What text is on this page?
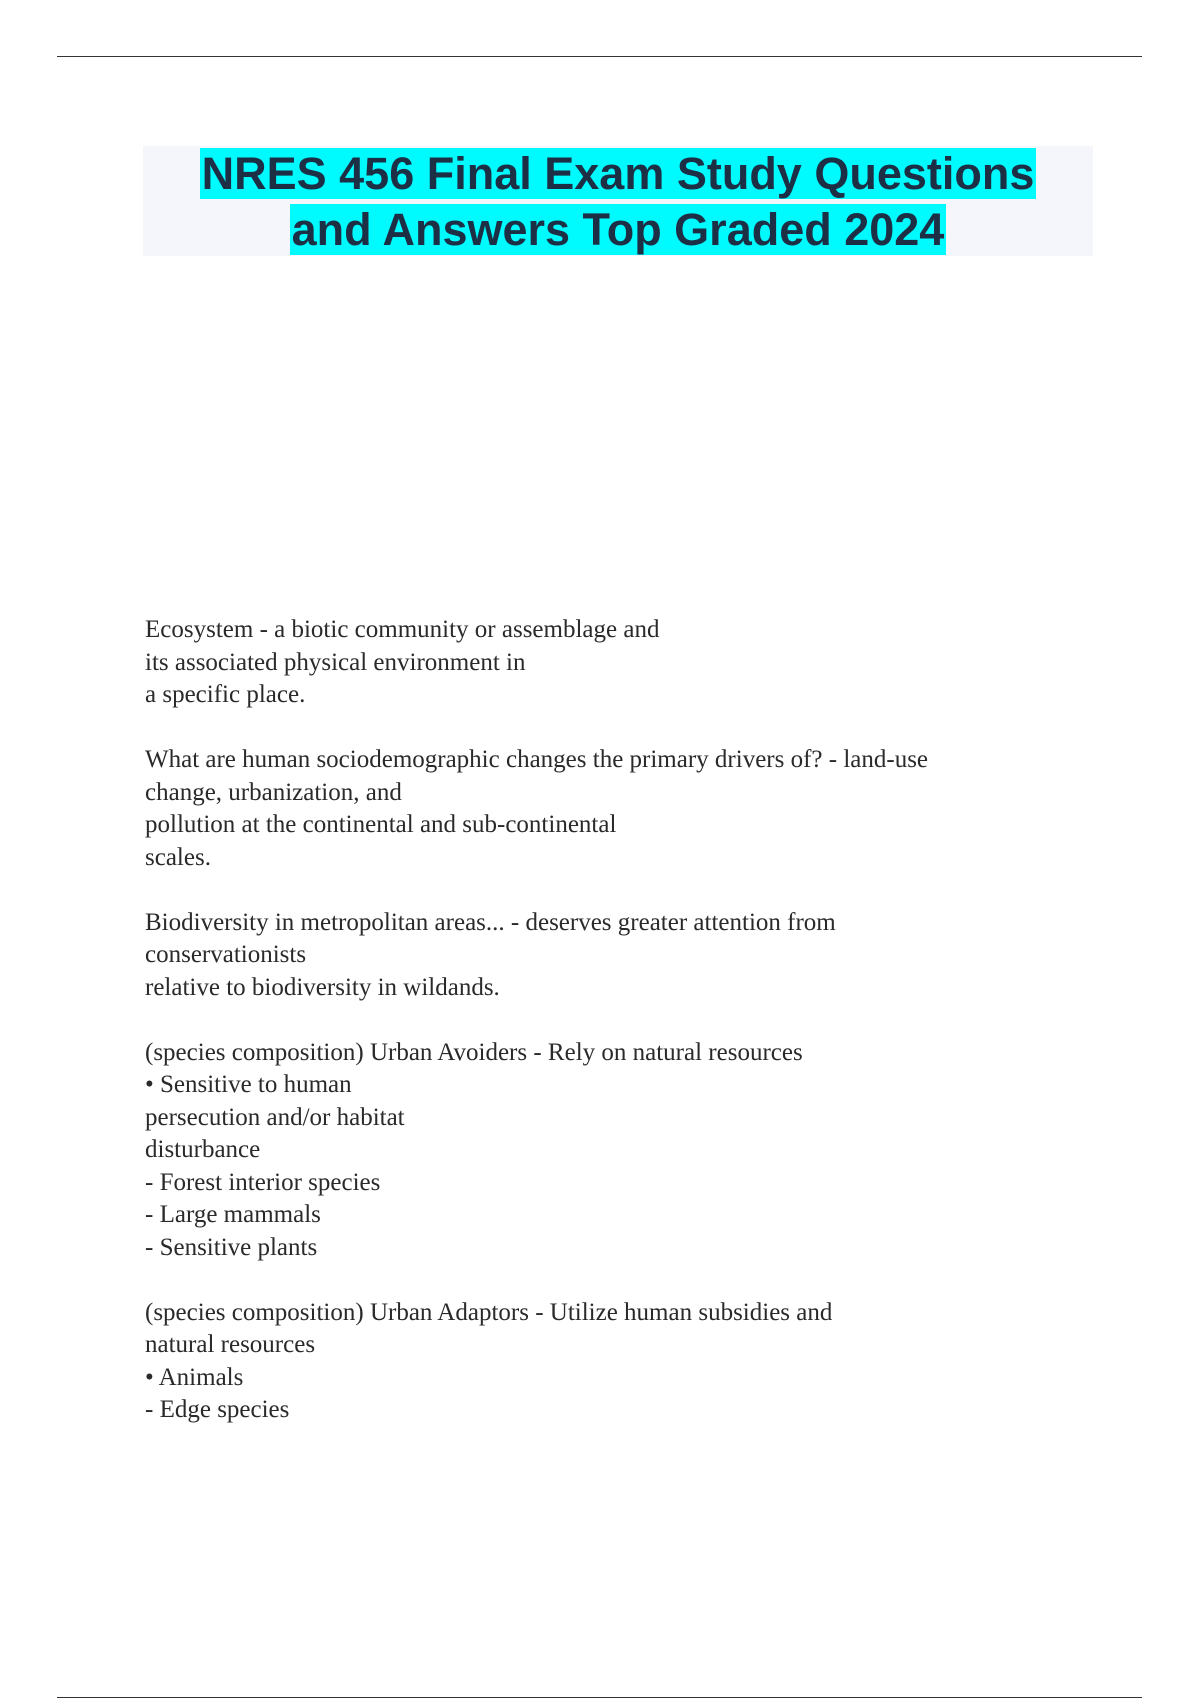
NRES 456 Final Exam Study Questions
and Answers Top Graded 2024
Ecosystem - a biotic community or assemblage and
its associated physical environment in
a specific place.
What are human sociodemographic changes the primary drivers of? - land-use
change, urbanization, and
pollution at the continental and sub-continental
scales.
Biodiversity in metropolitan areas... - deserves greater attention from
conservationists
relative to biodiversity in wildands.
(species composition) Urban Avoiders - Rely on natural resources
• Sensitive to human
persecution and/or habitat
disturbance
- Forest interior species
- Large mammals
- Sensitive plants
(species composition) Urban Adaptors - Utilize human subsidies and
natural resources
• Animals
- Edge species
